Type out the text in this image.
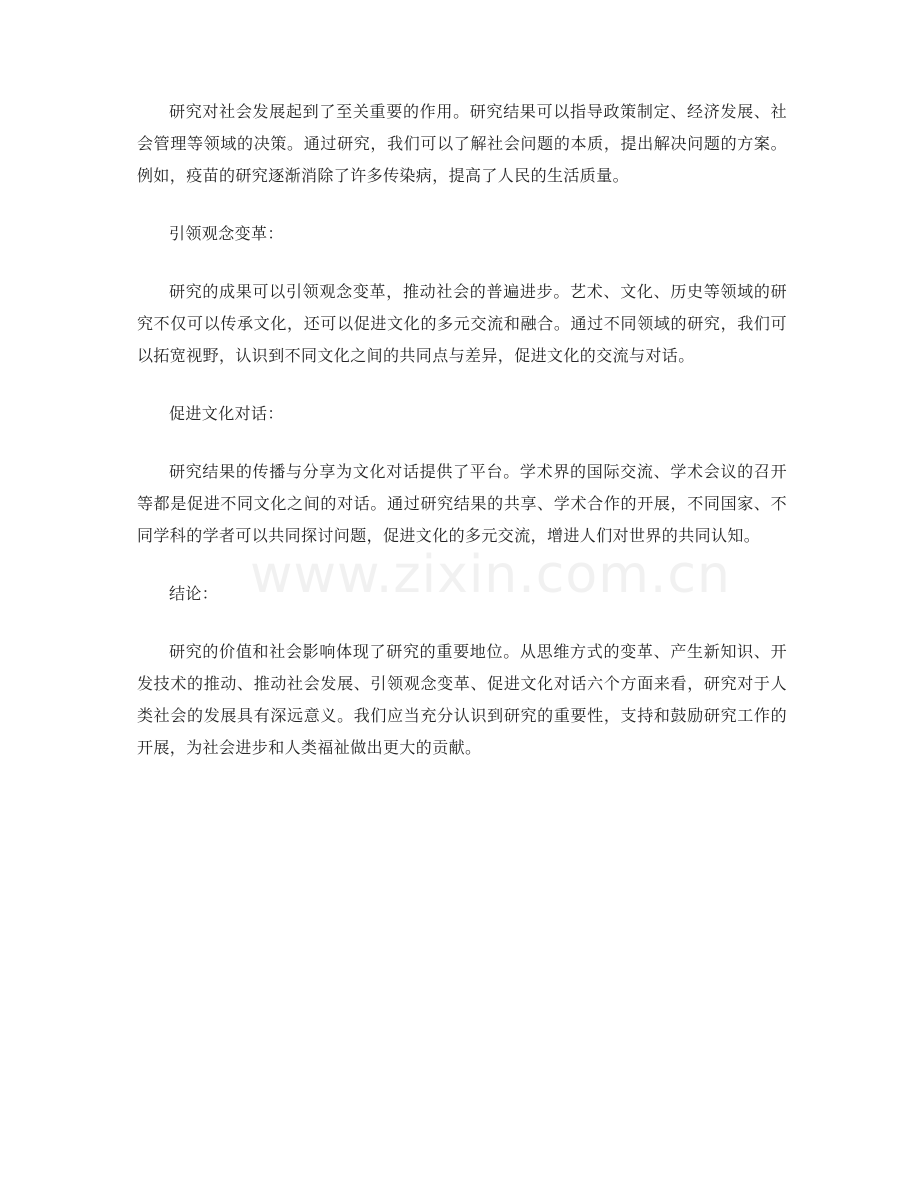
www.zixin.com.cn

研究对社会发展起到了至关重要的作用。研究结果可以指导政策制定、经济发展、社会管理等领域的决策。通过研究，我们可以了解社会问题的本质，提出解决问题的方案。例如，疫苗的研究逐渐消除了许多传染病，提高了人民的生活质量。

引领观念变革：

研究的成果可以引领观念变革，推动社会的普遍进步。艺术、文化、历史等领域的研究不仅可以传承文化，还可以促进文化的多元交流和融合。通过不同领域的研究，我们可以拓宽视野，认识到不同文化之间的共同点与差异，促进文化的交流与对话。

促进文化对话：

研究结果的传播与分享为文化对话提供了平台。学术界的国际交流、学术会议的召开等都是促进不同文化之间的对话。通过研究结果的共享、学术合作的开展，不同国家、不同学科的学者可以共同探讨问题，促进文化的多元交流，增进人们对世界的共同认知。

结论：

研究的价值和社会影响体现了研究的重要地位。从思维方式的变革、产生新知识、开发技术的推动、推动社会发展、引领观念变革、促进文化对话六个方面来看，研究对于人类社会的发展具有深远意义。我们应当充分认识到研究的重要性，支持和鼓励研究工作的开展，为社会进步和人类福祉做出更大的贡献。
